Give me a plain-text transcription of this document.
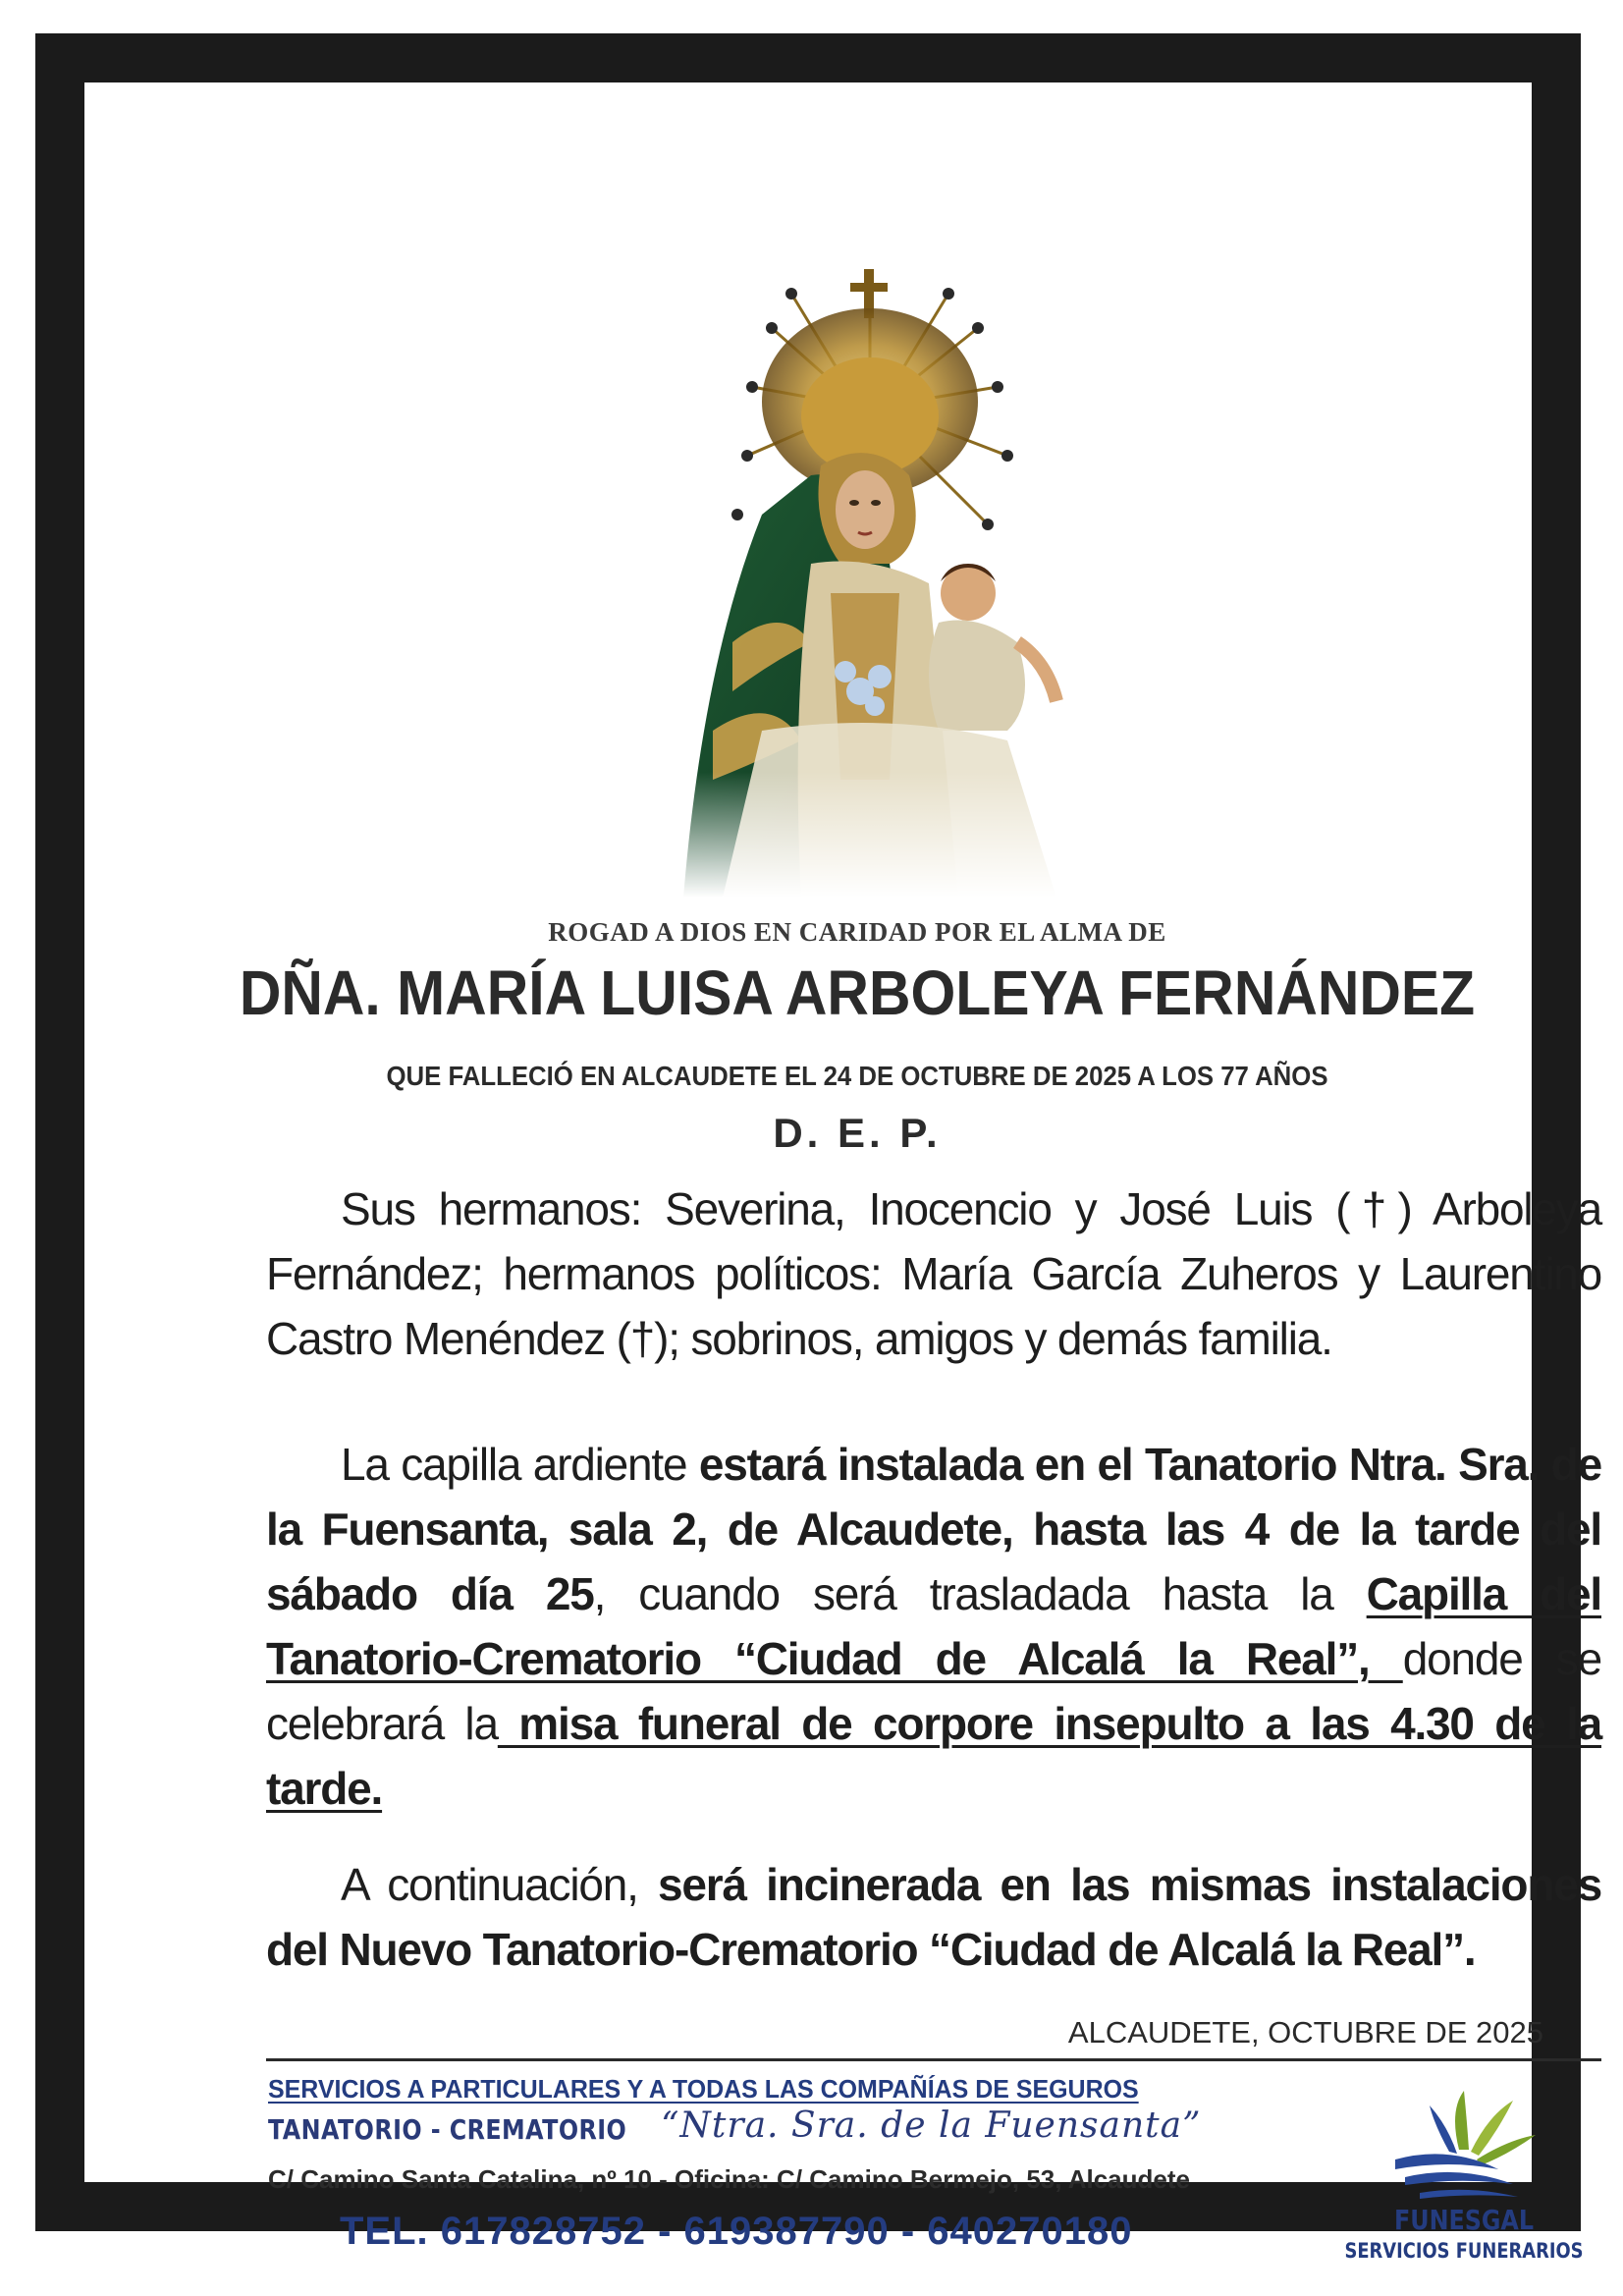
ROGAD A DIOS EN CARIDAD POR EL ALMA DE
DÑA. MARÍA LUISA ARBOLEYA FERNÁNDEZ
QUE FALLECIÓ EN ALCAUDETE EL 24 DE OCTUBRE DE 2025 A LOS 77 AÑOS
D. E. P.
Sus hermanos: Severina, Inocencio y José Luis (†) Arboleya Fernández; hermanos políticos: María García Zuheros y Laurentino Castro Menéndez (†); sobrinos, amigos y demás familia.
La capilla ardiente estará instalada en el Tanatorio Ntra. Sra. de la Fuensanta, sala 2, de Alcaudete, hasta las 4 de la tarde del sábado día 25, cuando será trasladada hasta la Capilla del Tanatorio-Crematorio “Ciudad de Alcalá la Real”, donde se celebrará la misa funeral de corpore insepulto a las 4.30 de la tarde.
A continuación, será incinerada en las mismas instalaciones del Nuevo Tanatorio-Crematorio “Ciudad de Alcalá la Real”.
ALCAUDETE, OCTUBRE DE 2025
SERVICIOS A PARTICULARES Y A TODAS LAS COMPAÑÍAS DE SEGUROS
TANATORIO - CREMATORIO “Ntra. Sra. de la Fuensanta”
C/ Camino Santa Catalina, nº 10 - Oficina: C/ Camino Bermejo, 53, Alcaudete
TEL. 617828752 - 619387790 - 640270180	FUNESGAL
SERVICIOS FUNERARIOS
